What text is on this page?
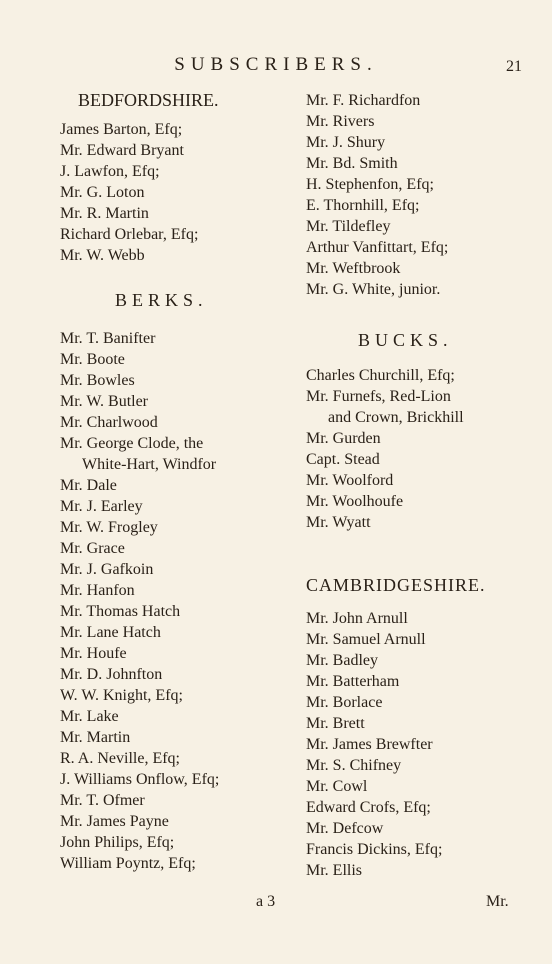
SUBSCRIBERS.	21
BEDFORDSHIRE.
James Barton, Efq;
Mr. Edward Bryant
J. Lawfon, Efq;
Mr. G. Loton
Mr. R. Martin
Richard Orlebar, Efq;
Mr. W. Webb
BERKS.
Mr. T. Banifter
Mr. Boote
Mr. Bowles
Mr. W. Butler
Mr. Charlwood
Mr. George Clode, the
White-Hart, Windfor
Mr. Dale
Mr. J. Earley
Mr. W. Frogley
Mr. Grace
Mr. J. Gafkoin
Mr. Hanfon
Mr. Thomas Hatch
Mr. Lane Hatch
Mr. Houfe
Mr. D. Johnfton
W. W. Knight, Efq;
Mr. Lake
Mr. Martin
R. A. Neville, Efq;
J. Williams Onflow, Efq;
Mr. T. Ofmer
Mr. James Payne
John Philips, Efq;
William Poyntz, Efq;
Mr. F. Richardfon
Mr. Rivers
Mr. J. Shury
Mr. Bd. Smith
H. Stephenfon, Efq;
E. Thornhill, Efq;
Mr. Tildefley
Arthur Vanfittart, Efq;
Mr. Weftbrook
Mr. G. White, junior.
BUCKS.
Charles Churchill, Efq;
Mr. Furnefs, Red-Lion
and Crown, Brickhill
Mr. Gurden
Capt. Stead
Mr. Woolford
Mr. Woolhoufe
Mr. Wyatt
CAMBRIDGESHIRE.
Mr. John Arnull
Mr. Samuel Arnull
Mr. Badley
Mr. Batterham
Mr. Borlace
Mr. Brett
Mr. James Brewfter
Mr. S. Chifney
Mr. Cowl
Edward Crofs, Efq;
Mr. Defcow
Francis Dickins, Efq;
Mr. Ellis
a 3	Mr.
